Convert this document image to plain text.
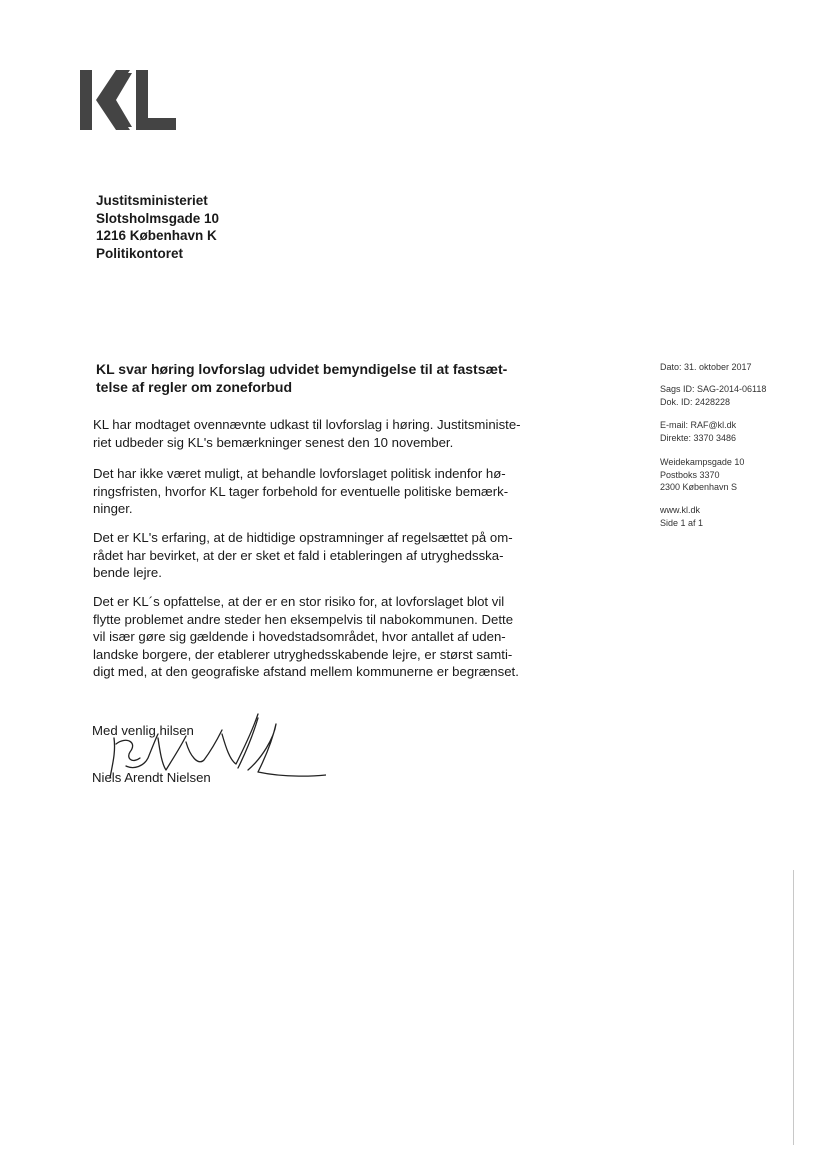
Justitsministeriet
Slotsholmsgade 10
1216 København K
Politikontoret
KL svar høring lovforslag udvidet bemyndigelse til at fastsæt-
telse af regler om zoneforbud
KL har modtaget ovennævnte udkast til lovforslag i høring. Justitsministe-
riet udbeder sig KL's bemærkninger senest den 10 november.
Det har ikke været muligt, at behandle lovforslaget politisk indenfor hø-
ringsfristen, hvorfor KL tager forbehold for eventuelle politiske bemærk-
ninger.
Det er KL's erfaring, at de hidtidige opstramninger af regelsættet på om-
rådet har bevirket, at der er sket et fald i etableringen af utryghedsska-
bende lejre.
Det er KL´s opfattelse, at der er en stor risiko for, at lovforslaget blot vil
flytte problemet andre steder hen eksempelvis til nabokommunen. Dette
vil især gøre sig gældende i hovedstadsområdet, hvor antallet af uden-
landske borgere, der etablerer utryghedsskabende lejre, er størst samti-
digt med, at den geografiske afstand mellem kommunerne er begrænset.
Dato: 31. oktober 2017
Sags ID: SAG-2014-06118
Dok. ID: 2428228
E-mail: RAF@kl.dk
Direkte: 3370 3486
Weidekampsgade 10
Postboks 3370
2300 København S
www.kl.dk
Side 1 af 1
Med venlig hilsen
Niels Arendt Nielsen
